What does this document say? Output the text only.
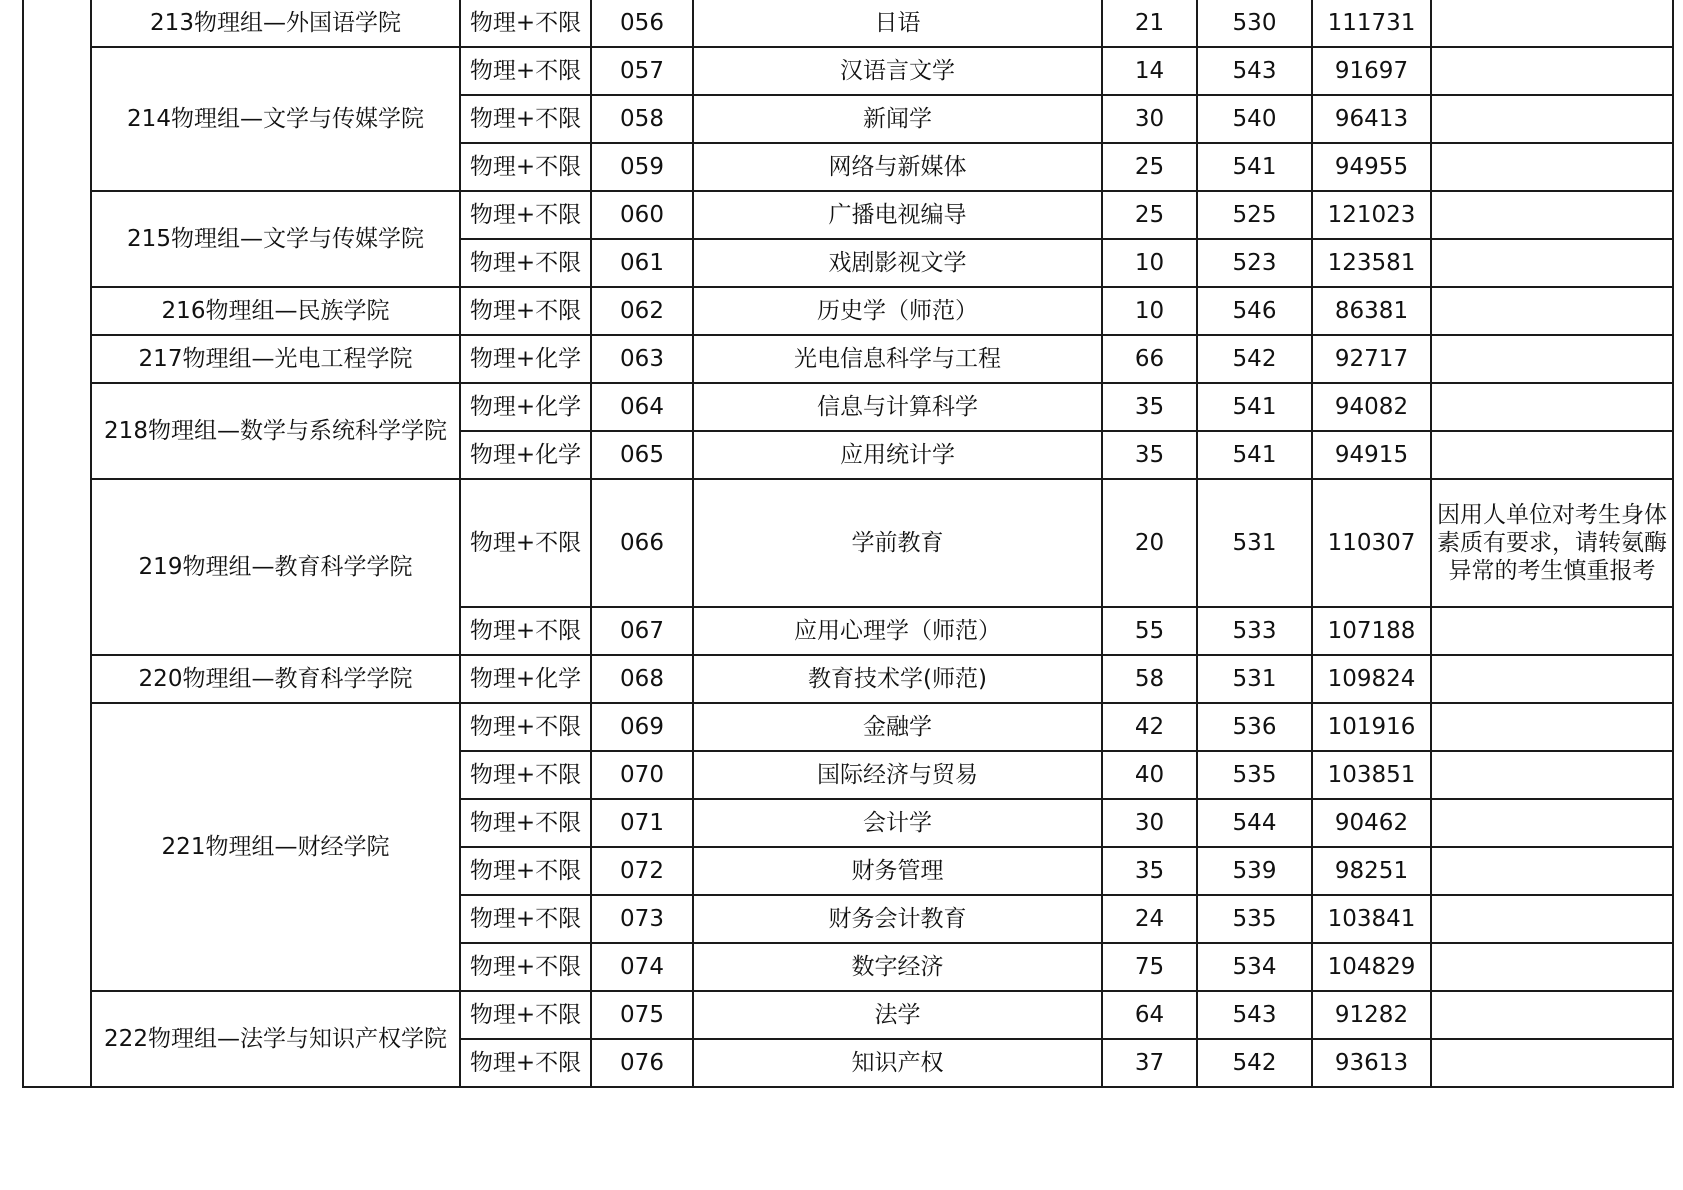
	213物理组—外国语学院	物理+不限	056	日语	21	530	111731	
	214物理组—文学与传媒学院	物理+不限	057	汉语言文学	14	543	91697	
		物理+不限	058	新闻学	30	540	96413	
		物理+不限	059	网络与新媒体	25	541	94955	
	215物理组—文学与传媒学院	物理+不限	060	广播电视编导	25	525	121023	
		物理+不限	061	戏剧影视文学	10	523	123581	
	216物理组—民族学院	物理+不限	062	历史学（师范）	10	546	86381	
	217物理组—光电工程学院	物理+化学	063	光电信息科学与工程	66	542	92717	
	218物理组—数学与系统科学学院	物理+化学	064	信息与计算科学	35	541	94082	
		物理+化学	065	应用统计学	35	541	94915	
	219物理组—教育科学学院	物理+不限	066	学前教育	20	531	110307	因用人单位对考生身体素质有要求，请转氨酶异常的考生慎重报考
		物理+不限	067	应用心理学（师范）	55	533	107188	
	220物理组—教育科学学院	物理+化学	068	教育技术学(师范)	58	531	109824	
	221物理组—财经学院	物理+不限	069	金融学	42	536	101916	
		物理+不限	070	国际经济与贸易	40	535	103851	
		物理+不限	071	会计学	30	544	90462	
		物理+不限	072	财务管理	35	539	98251	
		物理+不限	073	财务会计教育	24	535	103841	
		物理+不限	074	数字经济	75	534	104829	
	222物理组—法学与知识产权学院	物理+不限	075	法学	64	543	91282	
		物理+不限	076	知识产权	37	542	93613	
